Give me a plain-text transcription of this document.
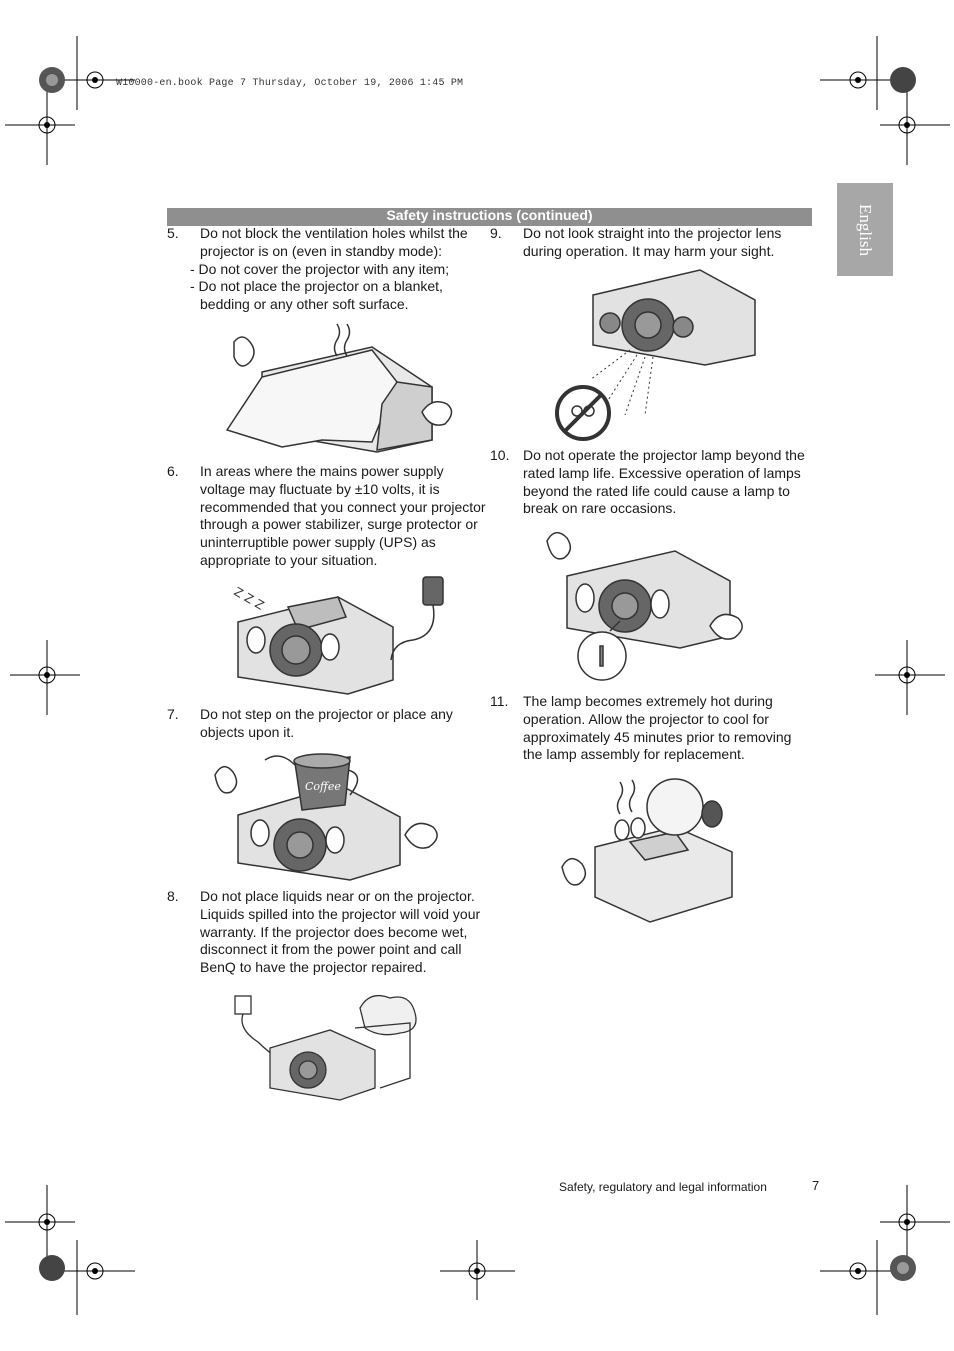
W10000-en.book Page 7 Thursday, October 19, 2006 1:45 PM
English
Safety instructions (continued)
5. Do not block the ventilation holes whilst the projector is on (even in standby mode):
- Do not cover the projector with any item;
- Do not place the projector on a blanket, bedding or any other soft surface.
6. In areas where the mains power supply voltage may fluctuate by ±10 volts, it is recommended that you connect your projector through a power stabilizer, surge protector or uninterruptible power supply (UPS) as appropriate to your situation.
Z Z Z
7. Do not step on the projector or place any objects upon it.
Coffee
8. Do not place liquids near or on the projector. Liquids spilled into the projector will void your warranty. If the projector does become wet, disconnect it from the power point and call BenQ to have the projector repaired.
9. Do not look straight into the projector lens during operation. It may harm your sight.
10. Do not operate the projector lamp beyond the rated lamp life. Excessive operation of lamps beyond the rated life could cause a lamp to break on rare occasions.
11. The lamp becomes extremely hot during operation. Allow the projector to cool for approximately 45 minutes prior to removing the lamp assembly for replacement.
Safety, regulatory and legal information	7
